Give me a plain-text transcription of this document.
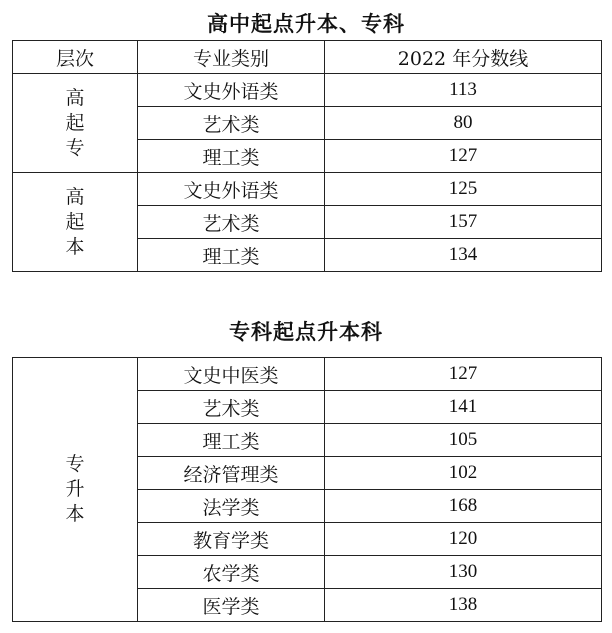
高中起点升本、专科
层次	专业类别	2022 年分数线

高
起
专	文史外语类	113
	艺术类	80
	理工类	127

高
起
本	文史外语类	125
	艺术类	157
	理工类	134
专科起点升本科
专
升
本	文史中医类	127
	艺术类	141
	理工类	105
	经济管理类	102
	法学类	168
	教育学类	120
	农学类	130
	医学类	138
